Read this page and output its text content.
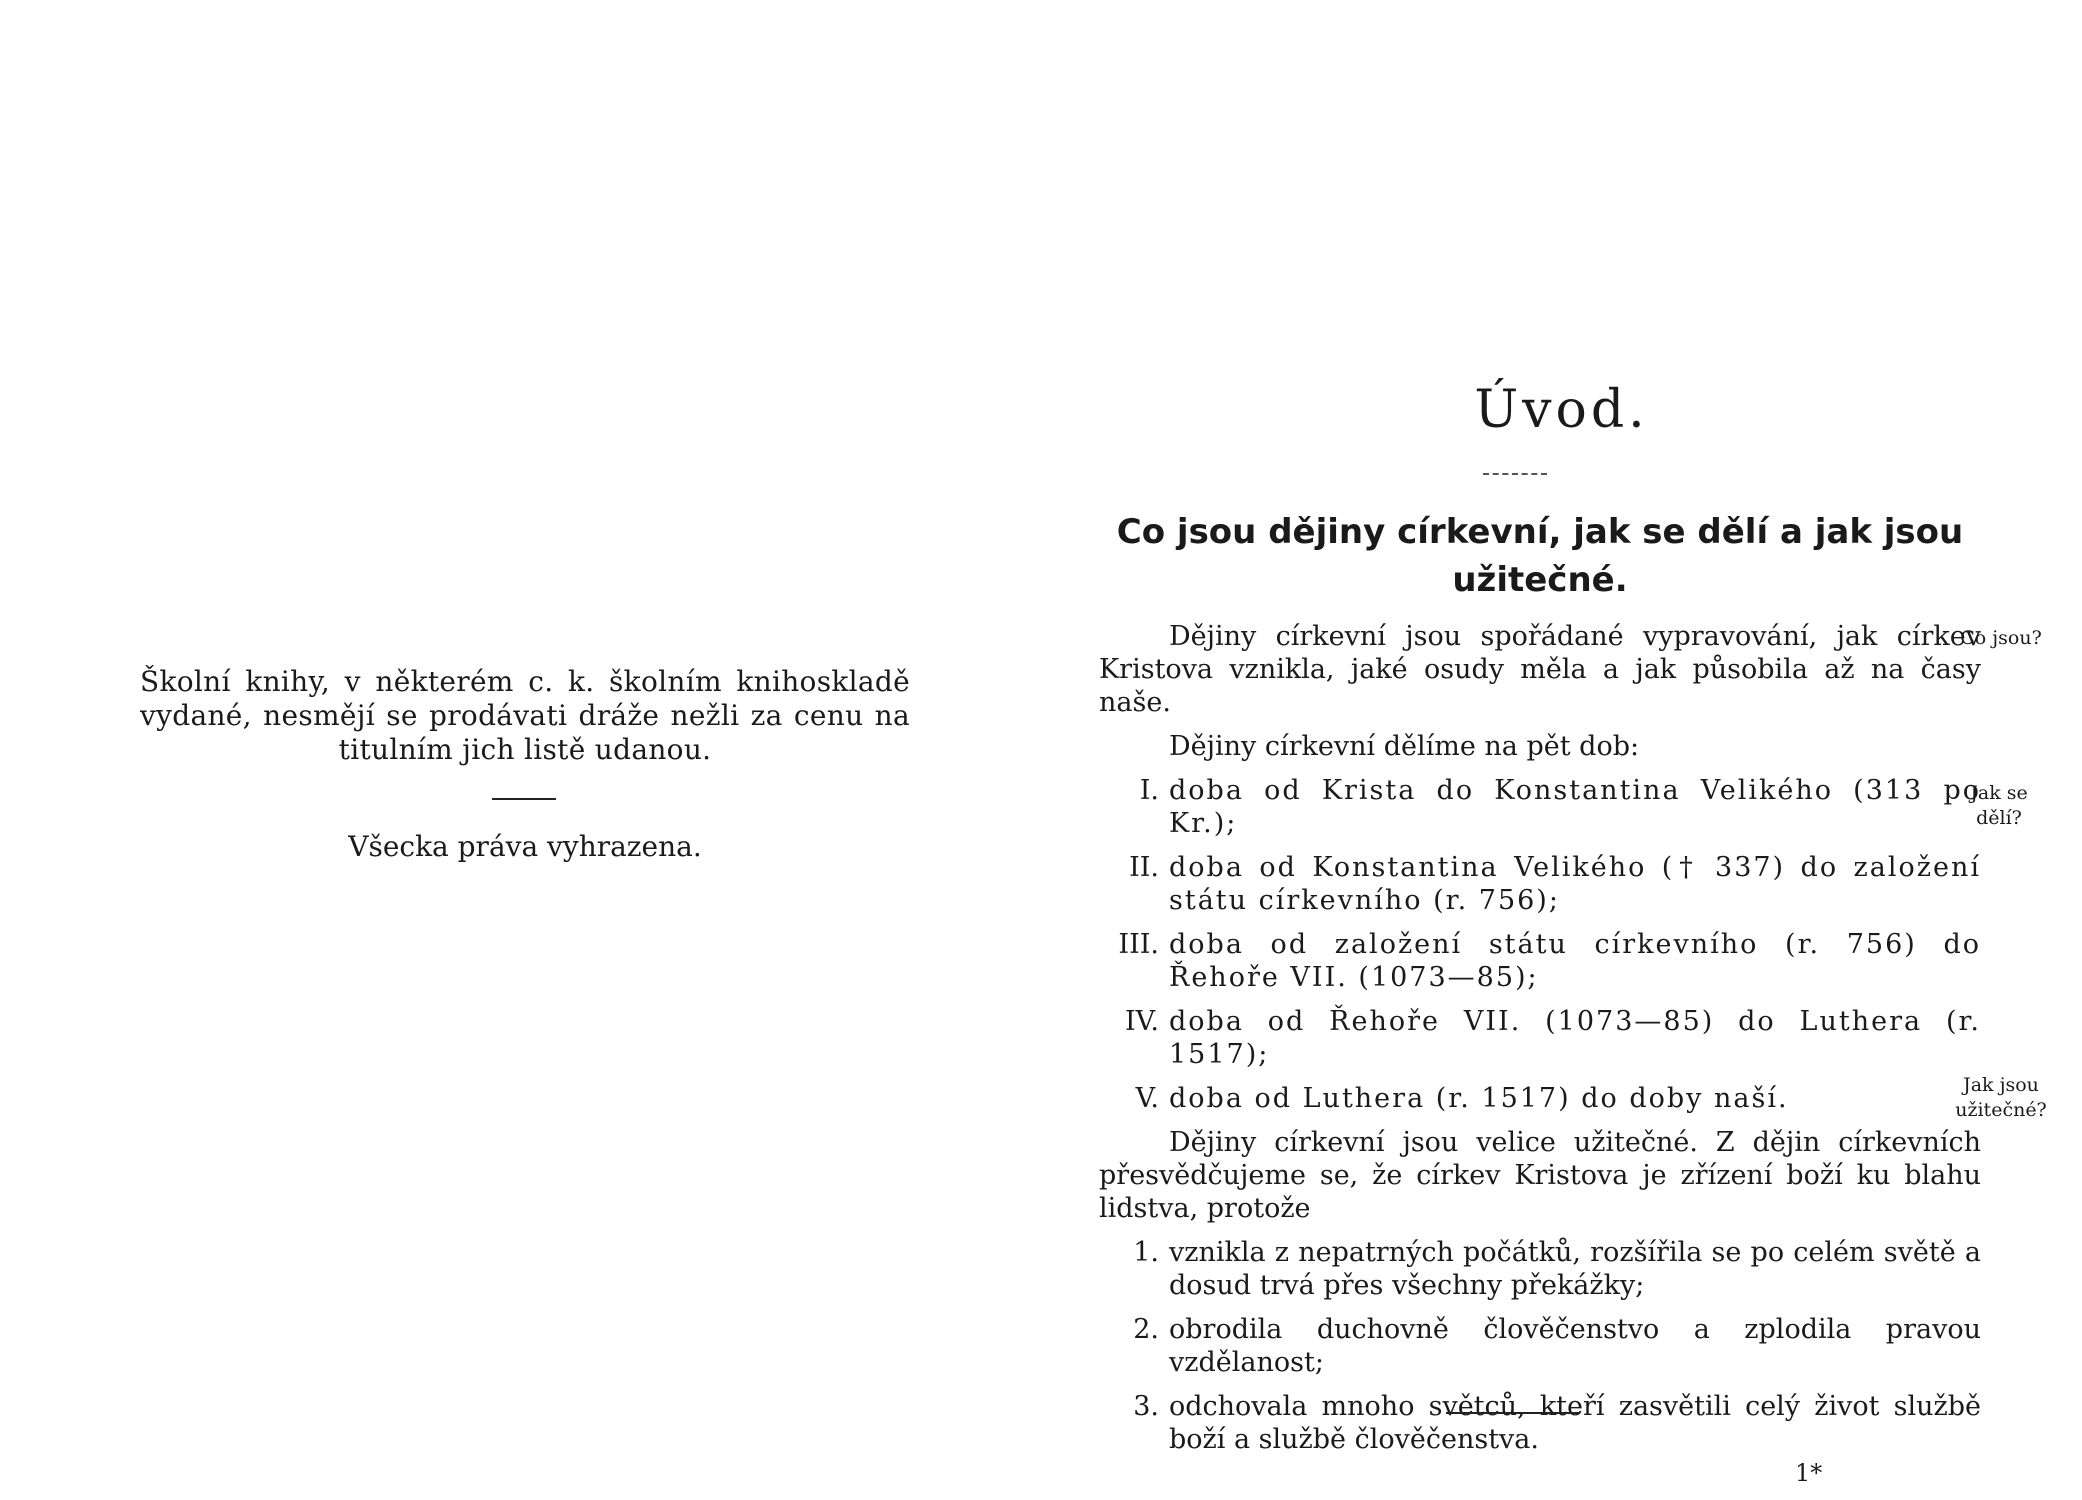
Školní knihy, v některém c. k. školním knihoskladě vydané, nesmějí se prodávati dráže nežli za cenu na titulním jich listě udanou.
Všecka práva vyhrazena.
Úvod.
Co jsou dějiny církevní, jak se dělí a jak jsou užitečné.

Dějiny církevní jsou spořádané vypravování, jak církev Kristova vznikla, jaké osudy měla a jak působila až na časy naše.

Dějiny církevní dělíme na pět dob:

I. doba od Krista do Konstantina Velikého (313 po Kr.);
II. doba od Konstantina Velikého († 337) do založení státu církevního (r. 756);
III. doba od založení státu církevního (r. 756) do Řehoře VII. (1073—85);
IV. doba od Řehoře VII. (1073—85) do Luthera (r. 1517);
V. doba od Luthera (r. 1517) do doby naší.

Dějiny církevní jsou velice užitečné. Z dějin církevních přesvědčujeme se, že církev Kristova je zřízení boží ku blahu lidstva, protože

1. vznikla z nepatrných počátků, rozšířila se po celém světě a dosud trvá přes všechny překážky;
2. obrodila duchovně člověčenstvo a zplodila pravou vzdělanost;
3. odchovala mnoho světců, kteří zasvětili celý život službě boží a službě člověčenstva.
Co jsou?
Jak se dělí?
Jak jsou užitečné?
1*
